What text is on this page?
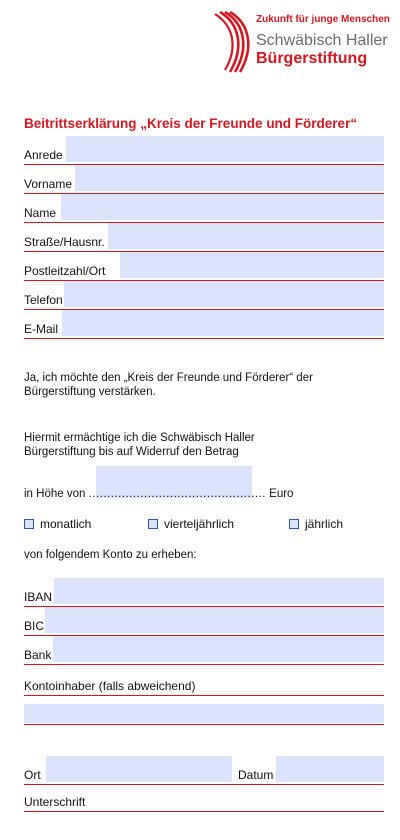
Zukunft für junge Menschen
Schwäbisch Haller
Bürgerstiftung
Beitrittserklärung „Kreis der Freunde und Förderer“
Anrede
Vorname
Name
Straße/Hausnr.
Postleitzahl/Ort
Telefon
E-Mail
Ja, ich möchte den „Kreis der Freunde und Förderer“ der
Bürgerstiftung verstärken.
Hiermit ermächtige ich die Schwäbisch Haller
Bürgerstiftung bis auf Widerruf den Betrag
in Höhe von ................................................ Euro
monatlich	vierteljährlich	jährlich
von folgendem Konto zu erheben:
IBAN
BIC
Bank
Kontoinhaber (falls abweichend)
Ort	Datum
Unterschrift
